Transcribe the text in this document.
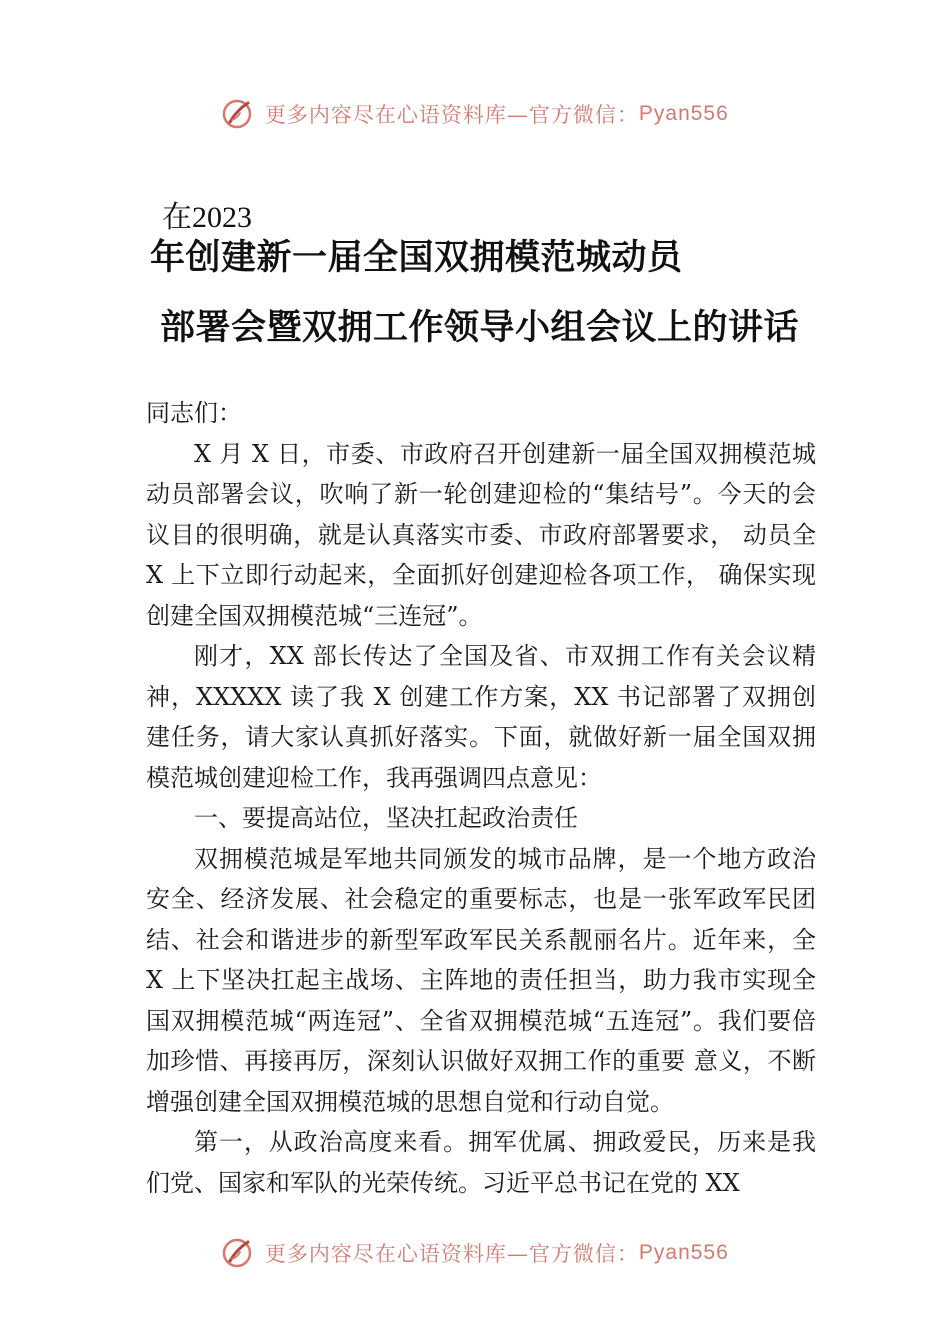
更多内容尽在心语资料库—官方微信：Pyan556
在2023
年创建新一届全国双拥模范城动员
部署会暨双拥工作领导小组会议上的讲话

同志们：

X 月 X 日，市委、市政府召开创建新一届全国双拥模范城动员部署会议，吹响了新一轮创建迎检的“集结号”。今天的会议目的很明确，就是认真落实市委、市政府部署要求， 动员全 X 上下立即行动起来，全面抓好创建迎检各项工作， 确保实现创建全国双拥模范城“三连冠”。

刚才，XX 部长传达了全国及省、市双拥工作有关会议精神，XXXXX 读了我 X 创建工作方案，XX 书记部署了双拥创建任务，请大家认真抓好落实。下面，就做好新一届全国双拥模范城创建迎检工作，我再强调四点意见：

一、要提高站位，坚决扛起政治责任

双拥模范城是军地共同颁发的城市品牌，是一个地方政治安全、经济发展、社会稳定的重要标志，也是一张军政军民团结、社会和谐进步的新型军政军民关系靓丽名片。近年来，全 X 上下坚决扛起主战场、主阵地的责任担当，助力我市实现全国双拥模范城“两连冠”、全省双拥模范城“五连冠”。我们要倍加珍惜、再接再厉，深刻认识做好双拥工作的重要 意义，不断增强创建全国双拥模范城的思想自觉和行动自觉。

第一，从政治高度来看。拥军优属、拥政爱民，历来是我们党、国家和军队的光荣传统。习近平总书记在党的 XX

更多内容尽在心语资料库—官方微信：Pyan556
